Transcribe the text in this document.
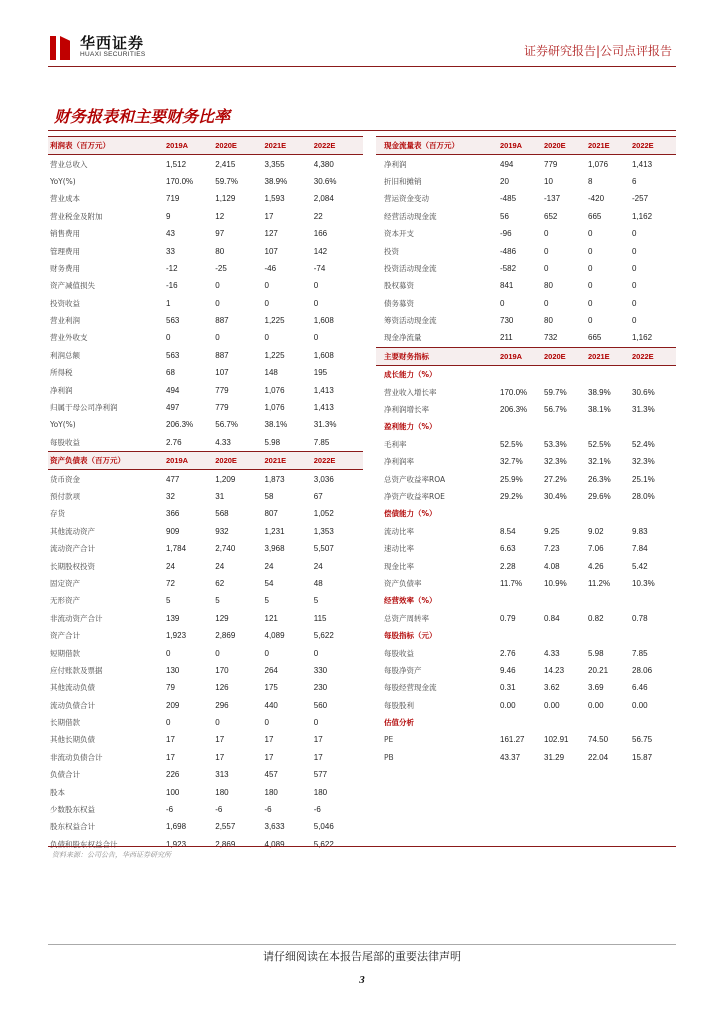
华西证券
HUAXI SECURITIES	证券研究报告|公司点评报告
财务报表和主要财务比率
利润表（百万元）	2019A	2020E	2021E	2022E
营业总收入	1,512	2,415	3,355	4,380
YoY(%)	170.0%	59.7%	38.9%	30.6%
营业成本	719	1,129	1,593	2,084
营业税金及附加	9	12	17	22
销售费用	43	97	127	166
管理费用	33	80	107	142
财务费用	-12	-25	-46	-74
资产减值损失	-16	0	0	0
投资收益	1	0	0	0
营业利润	563	887	1,225	1,608
营业外收支	0	0	0	0
利润总额	563	887	1,225	1,608
所得税	68	107	148	195
净利润	494	779	1,076	1,413
归属于母公司净利润	497	779	1,076	1,413
YoY(%)	206.3%	56.7%	38.1%	31.3%
每股收益	2.76	4.33	5.98	7.85
资产负债表（百万元）	2019A	2020E	2021E	2022E
货币资金	477	1,209	1,873	3,036
预付款项	32	31	58	67
存货	366	568	807	1,052
其他流动资产	909	932	1,231	1,353
流动资产合计	1,784	2,740	3,968	5,507
长期股权投资	24	24	24	24
固定资产	72	62	54	48
无形资产	5	5	5	5
非流动资产合计	139	129	121	115
资产合计	1,923	2,869	4,089	5,622
短期借款	0	0	0	0
应付账款及票据	130	170	264	330
其他流动负债	79	126	175	230
流动负债合计	209	296	440	560
长期借款	0	0	0	0
其他长期负债	17	17	17	17
非流动负债合计	17	17	17	17
负债合计	226	313	457	577
股本	100	180	180	180
少数股东权益	-6	-6	-6	-6
股东权益合计	1,698	2,557	3,633	5,046
负债和股东权益合计	1,923	2,869	4,089	5,622
现金流量表（百万元）	2019A	2020E	2021E	2022E
净利润	494	779	1,076	1,413
折旧和摊销	20	10	8	6
营运资金变动	-485	-137	-420	-257
经营活动现金流	56	652	665	1,162
资本开支	-96	0	0	0
投资	-486	0	0	0
投资活动现金流	-582	0	0	0
股权募资	841	80	0	0
债务募资	0	0	0	0
筹资活动现金流	730	80	0	0
现金净流量	211	732	665	1,162
主要财务指标	2019A	2020E	2021E	2022E
成长能力（%）
营业收入增长率	170.0%	59.7%	38.9%	30.6%
净利润增长率	206.3%	56.7%	38.1%	31.3%
盈利能力（%）
毛利率	52.5%	53.3%	52.5%	52.4%
净利润率	32.7%	32.3%	32.1%	32.3%
总资产收益率ROA	25.9%	27.2%	26.3%	25.1%
净资产收益率ROE	29.2%	30.4%	29.6%	28.0%
偿债能力（%）
流动比率	8.54	9.25	9.02	9.83
速动比率	6.63	7.23	7.06	7.84
现金比率	2.28	4.08	4.26	5.42
资产负债率	11.7%	10.9%	11.2%	10.3%
经营效率（%）
总资产周转率	0.79	0.84	0.82	0.78
每股指标（元）
每股收益	2.76	4.33	5.98	7.85
每股净资产	9.46	14.23	20.21	28.06
每股经营现金流	0.31	3.62	3.69	6.46
每股股利	0.00	0.00	0.00	0.00
估值分析
PE	161.27	102.91	74.50	56.75
PB	43.37	31.29	22.04	15.87
资料来源：公司公告，华西证券研究所
请仔细阅读在本报告尾部的重要法律声明
3
